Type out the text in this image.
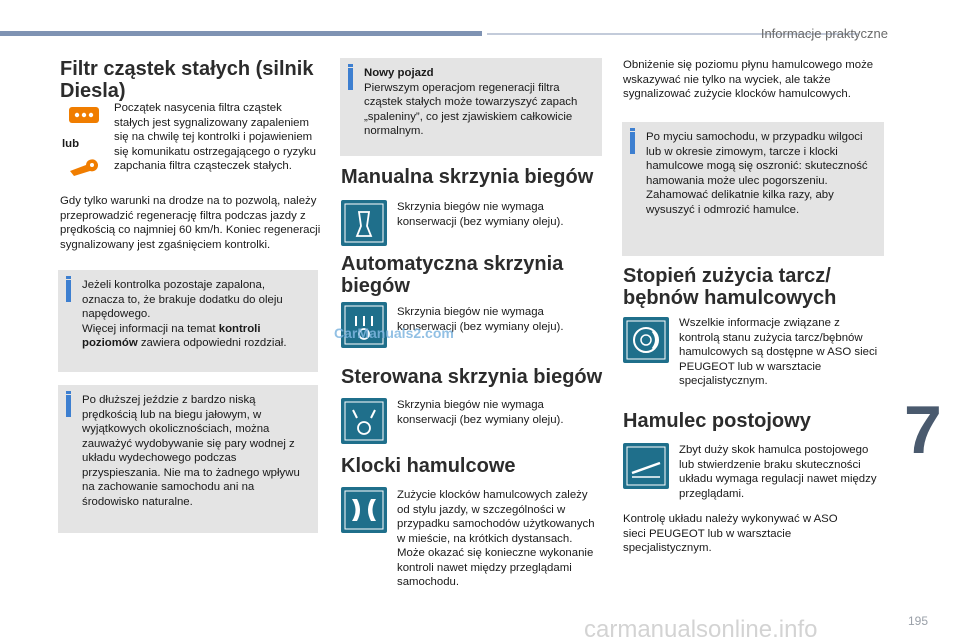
Informacje praktyczne
7
195
Filtr cząstek stałych (silnik Diesla)
lub

Początek nasycenia filtra cząstek stałych jest sygnalizowany zapaleniem się na chwilę tej kontrolki i pojawieniem się komunikatu ostrzegającego o ryzyku zapchania filtra cząsteczek stałych.

Gdy tylko warunki na drodze na to pozwolą, należy przeprowadzić regenerację filtra podczas jazdy z prędkością co najmniej 60 km/h. Koniec regeneracji sygnalizowany jest zgaśnięciem kontrolki.

Jeżeli kontrolka pozostaje zapalona, oznacza to, że brakuje dodatku do oleju napędowego.
Więcej informacji na temat kontroli poziomów zawiera odpowiedni rozdział.

Po dłuższej jeździe z bardzo niską prędkością lub na biegu jałowym, w wyjątkowych okolicznościach, można zauważyć wydobywanie się pary wodnej z układu wydechowego podczas przyspieszania. Nie ma to żadnego wpływu na zachowanie samochodu ani na środowisko naturalne.

Nowy pojazd

Pierwszym operacjom regeneracji filtra cząstek stałych może towarzyszyć zapach „spaleniny”, co jest zjawiskiem całkowicie normalnym.

Manualna skrzynia biegów

Skrzynia biegów nie wymaga konserwacji (bez wymiany oleju).

Automatyczna skrzynia biegów

Skrzynia biegów nie wymaga konserwacji (bez wymiany oleju).

Sterowana skrzynia biegów

Skrzynia biegów nie wymaga konserwacji (bez wymiany oleju).

Klocki hamulcowe

Zużycie klocków hamulcowych zależy od stylu jazdy, w szczególności w przypadku samochodów użytkowanych w mieście, na krótkich dystansach. Może okazać się konieczne wykonanie kontroli nawet między przeglądami samochodu.

Obniżenie się poziomu płynu hamulcowego może wskazywać nie tylko na wyciek, ale także sygnalizować zużycie klocków hamulcowych.

Po myciu samochodu, w przypadku wilgoci lub w okresie zimowym, tarcze i klocki hamulcowe mogą się oszronić: skuteczność hamowania może ulec pogorszeniu. Zahamować delikatnie kilka razy, aby wysuszyć i odmrozić hamulce.

Stopień zużycia tarcz/ bębnów hamulcowych

Wszelkie informacje związane z kontrolą stanu zużycia tarcz/bębnów hamulcowych są dostępne w ASO sieci PEUGEOT lub w warsztacie specjalistycznym.

Hamulec postojowy

Zbyt duży skok hamulca postojowego lub stwierdzenie braku skuteczności układu wymaga regulacji nawet między przeglądami.

Kontrolę układu należy wykonywać w ASO sieci PEUGEOT lub w warsztacie specjalistycznym.

CarManuals2.com
carmanualsonline.info
